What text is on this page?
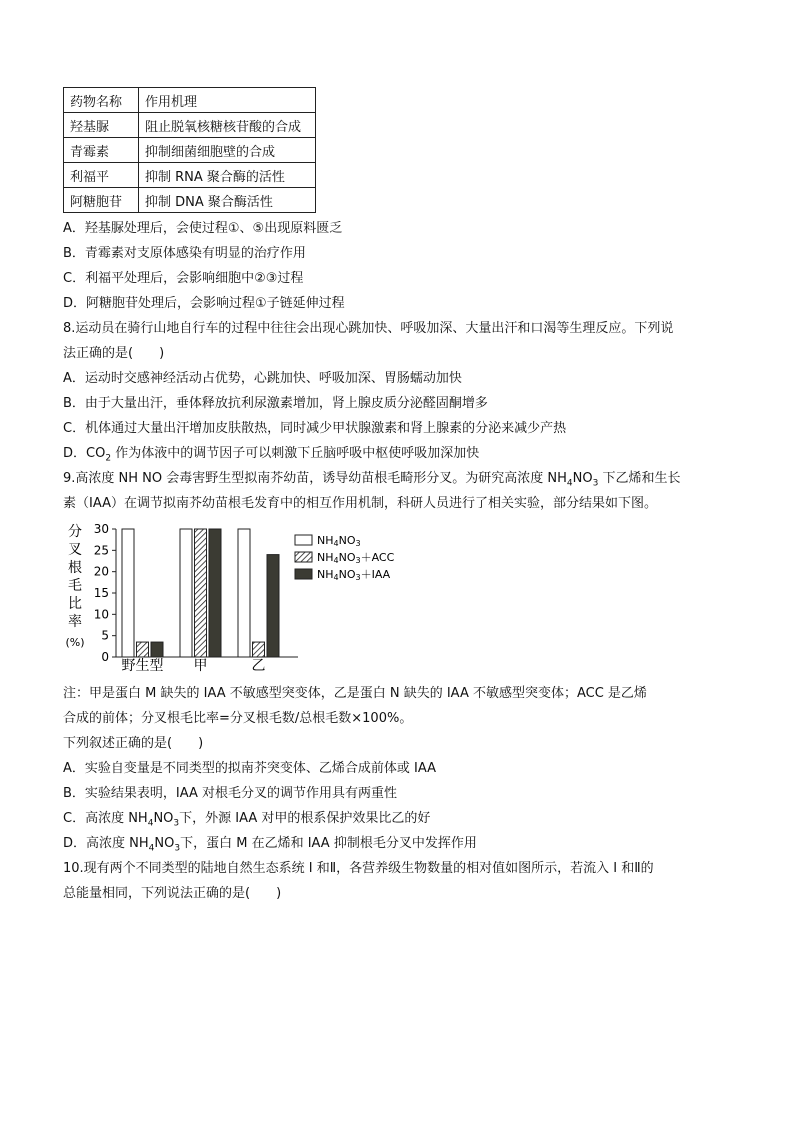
药物名称	作用机理
羟基脲	阻止脱氧核糖核苷酸的合成
青霉素	抑制细菌细胞壁的合成
利福平	抑制 RNA 聚合酶的活性
阿糖胞苷	抑制 DNA 聚合酶活性
A．羟基脲处理后，会使过程①、⑤出现原料匮乏
B．青霉素对支原体感染有明显的治疗作用
C．利福平处理后，会影响细胞中②③过程
D．阿糖胞苷处理后，会影响过程①子链延伸过程
8.运动员在骑行山地自行车的过程中往往会出现心跳加快、呼吸加深、大量出汗和口渴等生理反应。下列说
法正确的是(　　)
A．运动时交感神经活动占优势，心跳加快、呼吸加深、胃肠蠕动加快
B．由于大量出汗，垂体释放抗利尿激素增加，肾上腺皮质分泌醛固酮增多
C．机体通过大量出汗增加皮肤散热，同时减少甲状腺激素和肾上腺素的分泌来减少产热
D．$CO_2$ 作为体液中的调节因子可以刺激下丘脑呼吸中枢使呼吸加深加快
9.高浓度 NH NO 会毒害野生型拟南芥幼苗，诱导幼苗根毛畸形分叉。为研究高浓度 $NH_4NO_3$ 下乙烯和生长
素（IAA）在调节拟南芥幼苗根毛发育中的相互作用机制，科研人员进行了相关实验，部分结果如下图。
分
叉
根
毛
比
率
(%)
0
5
10
15
20
25
30
野生型 甲	乙
NH4NO3
NH4NO3＋ACC
NH4NO3＋IAA
注：甲是蛋白 M 缺失的 IAA 不敏感型突变体，乙是蛋白 N 缺失的 IAA 不敏感型突变体；ACC 是乙烯
合成的前体；分叉根毛比率=分叉根毛数/总根毛数×100%。
下列叙述正确的是(　　)
A．实验自变量是不同类型的拟南芥突变体、乙烯合成前体或 IAA
B．实验结果表明，IAA 对根毛分叉的调节作用具有两重性
C．高浓度 $NH_4NO_3$下，外源 IAA 对甲的根系保护效果比乙的好
D．高浓度 $NH_4NO_3$下，蛋白 M 在乙烯和 IAA 抑制根毛分叉中发挥作用
10.现有两个不同类型的陆地自然生态系统 Ⅰ 和Ⅱ，各营养级生物数量的相对值如图所示，若流入 Ⅰ 和Ⅱ的
总能量相同，下列说法正确的是(　　)
